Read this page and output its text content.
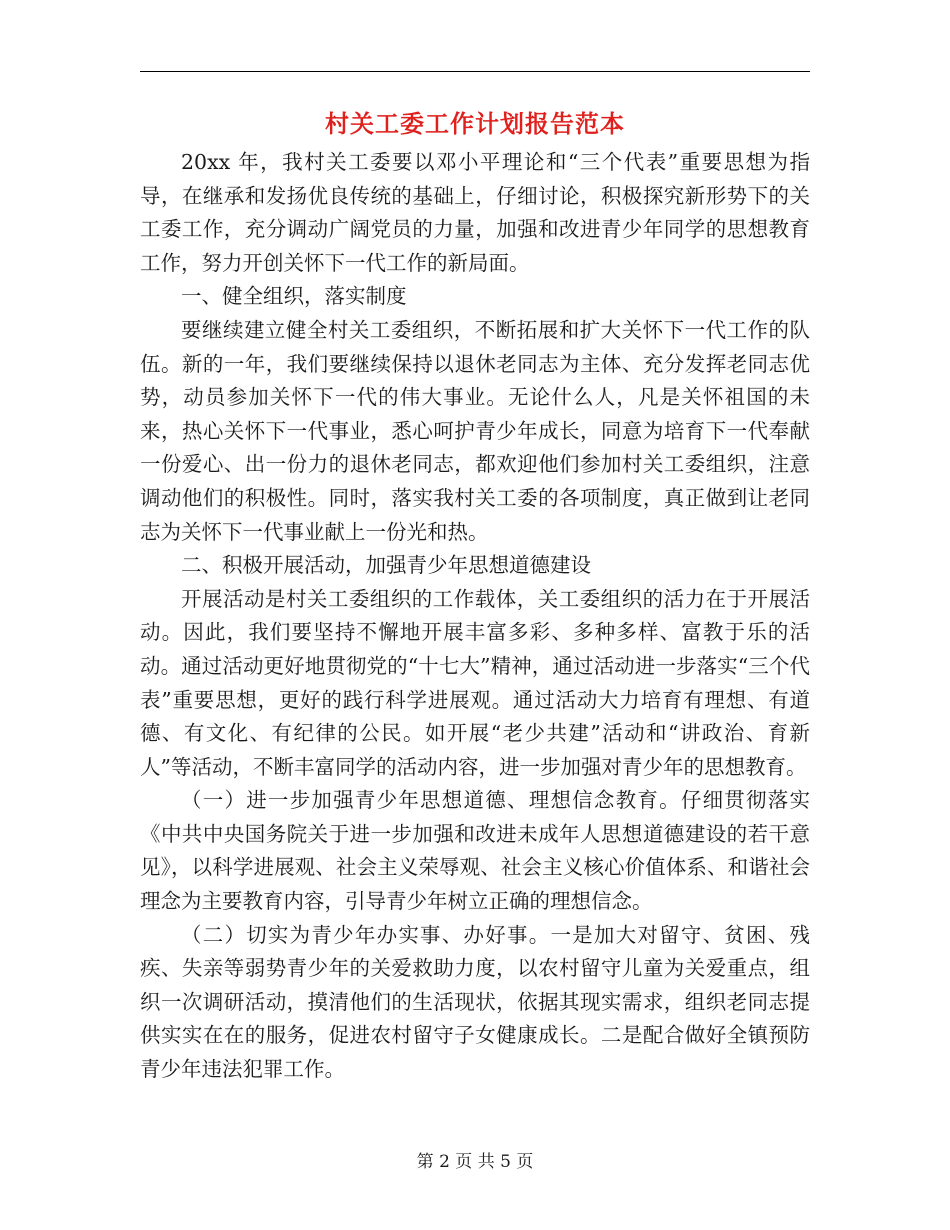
村关工委工作计划报告范本

20xx 年，我村关工委要以邓小平理论和“三个代表”重要思想为指导，在继承和发扬优良传统的基础上，仔细讨论，积极探究新形势下的关工委工作，充分调动广阔党员的力量，加强和改进青少年同学的思想教育工作，努力开创关怀下一代工作的新局面。

一、健全组织，落实制度

要继续建立健全村关工委组织，不断拓展和扩大关怀下一代工作的队伍。新的一年，我们要继续保持以退休老同志为主体、充分发挥老同志优势，动员参加关怀下一代的伟大事业。无论什么人，凡是关怀祖国的未来，热心关怀下一代事业，悉心呵护青少年成长，同意为培育下一代奉献一份爱心、出一份力的退休老同志，都欢迎他们参加村关工委组织，注意调动他们的积极性。同时，落实我村关工委的各项制度，真正做到让老同志为关怀下一代事业献上一份光和热。

二、积极开展活动，加强青少年思想道德建设

开展活动是村关工委组织的工作载体，关工委组织的活力在于开展活动。因此，我们要坚持不懈地开展丰富多彩、多种多样、富教于乐的活动。通过活动更好地贯彻党的“十七大”精神，通过活动进一步落实“三个代表”重要思想，更好的践行科学进展观。通过活动大力培育有理想、有道德、有文化、有纪律的公民。如开展“老少共建”活动和“讲政治、育新人”等活动，不断丰富同学的活动内容，进一步加强对青少年的思想教育。

（一）进一步加强青少年思想道德、理想信念教育。仔细贯彻落实《中共中央国务院关于进一步加强和改进未成年人思想道德建设的若干意见》，以科学进展观、社会主义荣辱观、社会主义核心价值体系、和谐社会理念为主要教育内容，引导青少年树立正确的理想信念。

（二）切实为青少年办实事、办好事。一是加大对留守、贫困、残疾、失亲等弱势青少年的关爱救助力度，以农村留守儿童为关爱重点，组织一次调研活动，摸清他们的生活现状，依据其现实需求，组织老同志提供实实在在的服务，促进农村留守子女健康成长。二是配合做好全镇预防青少年违法犯罪工作。

第 2 页 共 5 页
